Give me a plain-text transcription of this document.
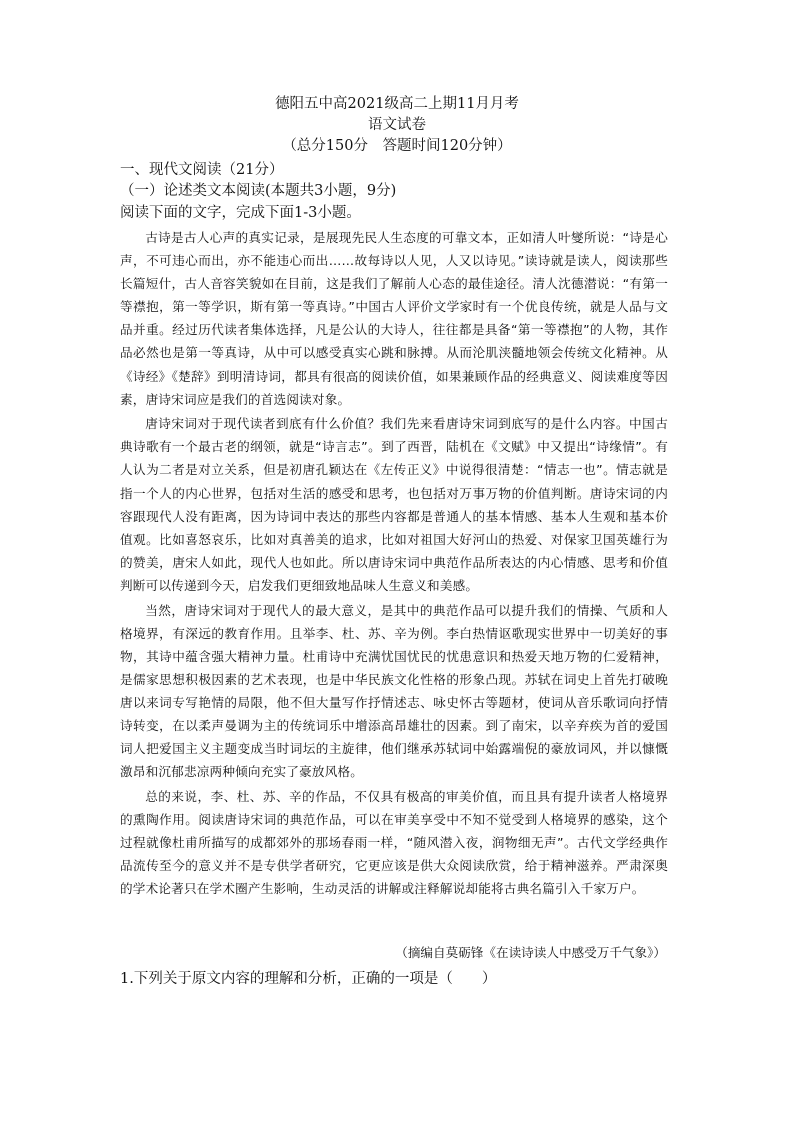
德阳五中高2021级高二上期11月月考

语文试卷

（总分150分　答题时间120分钟）

一、现代文阅读（21分）

（一）论述类文本阅读(本题共3小题，9分)

阅读下面的文字，完成下面1-3小题。

古诗是古人心声的真实记录，是展现先民人生态度的可靠文本，正如清人叶燮所说：“诗是心声，不可违心而出，亦不能违心而出……故每诗以人见，人又以诗见。”读诗就是读人，阅读那些长篇短什，古人音容笑貌如在目前，这是我们了解前人心态的最佳途径。清人沈德潜说：“有第一等襟抱，第一等学识，斯有第一等真诗。”中国古人评价文学家时有一个优良传统，就是人品与文品并重。经过历代读者集体选择，凡是公认的大诗人，往往都是具备“第一等襟抱”的人物，其作品必然也是第一等真诗，从中可以感受真实心跳和脉搏。从而沦肌浃髓地领会传统文化精神。从《诗经》《楚辞》到明清诗词，都具有很高的阅读价值，如果兼顾作品的经典意义、阅读难度等因素，唐诗宋词应是我们的首选阅读对象。

唐诗宋词对于现代读者到底有什么价值？我们先来看唐诗宋词到底写的是什么内容。中国古典诗歌有一个最古老的纲领，就是“诗言志”。到了西晋，陆机在《文赋》中又提出“诗缘情”。有人认为二者是对立关系，但是初唐孔颖达在《左传正义》中说得很清楚：“情志一也”。情志就是指一个人的内心世界，包括对生活的感受和思考，也包括对万事万物的价值判断。唐诗宋词的内容跟现代人没有距离，因为诗词中表达的那些内容都是普通人的基本情感、基本人生观和基本价值观。比如喜怒哀乐，比如对真善美的追求，比如对祖国大好河山的热爱、对保家卫国英雄行为的赞美，唐宋人如此，现代人也如此。所以唐诗宋词中典范作品所表达的内心情感、思考和价值判断可以传递到今天，启发我们更细致地品味人生意义和美感。

当然，唐诗宋词对于现代人的最大意义，是其中的典范作品可以提升我们的情操、气质和人格境界，有深远的教育作用。且举李、杜、苏、辛为例。李白热情讴歌现实世界中一切美好的事物，其诗中蕴含强大精神力量。杜甫诗中充满忧国忧民的忧患意识和热爱天地万物的仁爱精神，是儒家思想积极因素的艺术表现，也是中华民族文化性格的形象凸现。苏轼在词史上首先打破晚唐以来词专写艳情的局限，他不但大量写作抒情述志、咏史怀古等题材，使词从音乐歌词向抒情诗转变，在以柔声曼调为主的传统词乐中增添高昂雄壮的因素。到了南宋，以辛弃疾为首的爱国词人把爱国主义主题变成当时词坛的主旋律，他们继承苏轼词中始露端倪的豪放词风，并以慷慨激昂和沉郁悲凉两种倾向充实了豪放风格。

总的来说，李、杜、苏、辛的作品，不仅具有极高的审美价值，而且具有提升读者人格境界的熏陶作用。阅读唐诗宋词的典范作品，可以在审美享受中不知不觉受到人格境界的感染，这个过程就像杜甫所描写的成都郊外的那场春雨一样，“随风潜入夜，润物细无声”。古代文学经典作品流传至今的意义并不是专供学者研究，它更应该是供大众阅读欣赏，给于精神滋养。严肃深奥的学术论著只在学术圈产生影响，生动灵活的讲解或注释解说却能将古典名篇引入千家万户。

（摘编自莫砺锋《在读诗读人中感受万千气象》）
1.下列关于原文内容的理解和分析，正确的一项是（　　）
